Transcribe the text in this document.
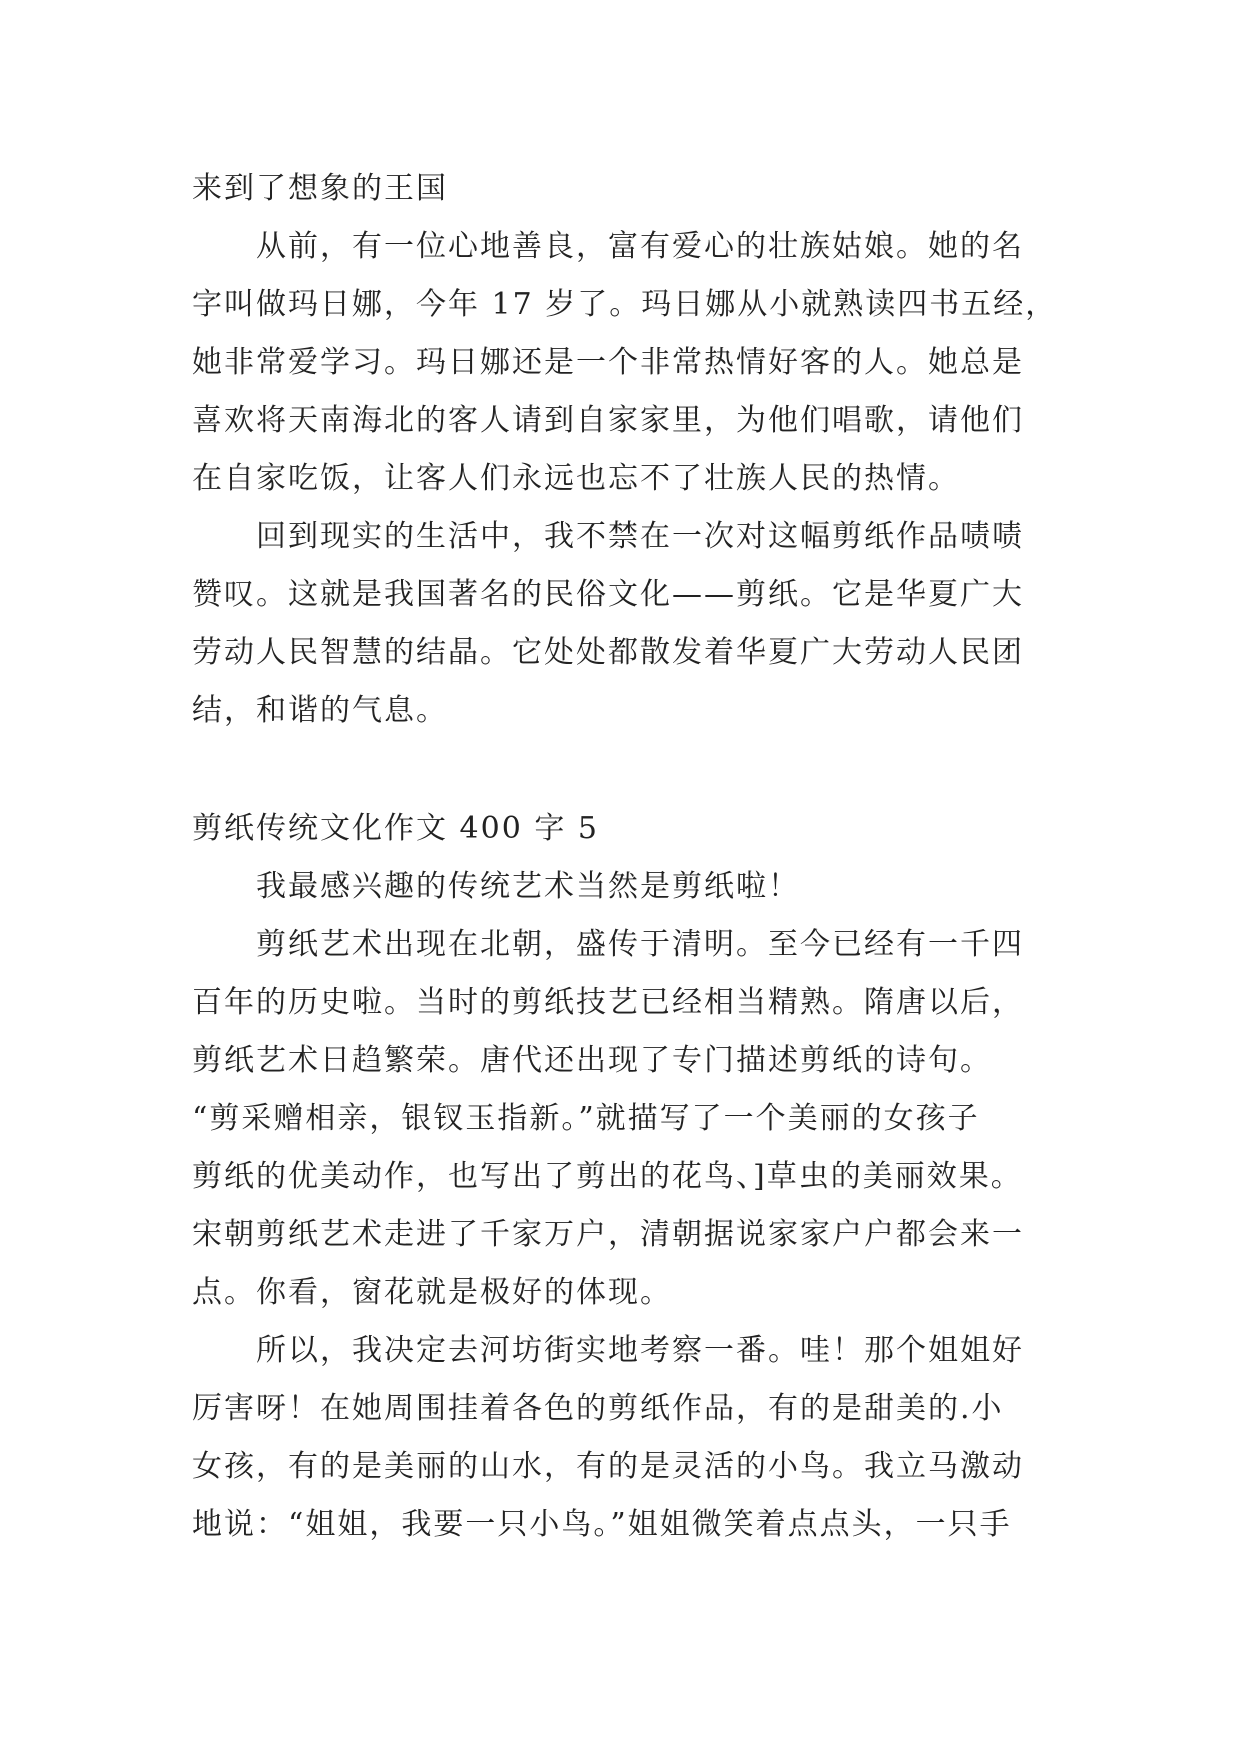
来到了想象的王国
从前，有一位心地善良，富有爱心的壮族姑娘。她的名
字叫做玛日娜，今年 17 岁了。玛日娜从小就熟读四书五经，
她非常爱学习。玛日娜还是一个非常热情好客的人。她总是
喜欢将天南海北的客人请到自家家里，为他们唱歌，请他们
在自家吃饭，让客人们永远也忘不了壮族人民的热情。
回到现实的生活中，我不禁在一次对这幅剪纸作品啧啧
赞叹。这就是我国著名的民俗文化——剪纸。它是华夏广大
劳动人民智慧的结晶。它处处都散发着华夏广大劳动人民团
结，和谐的气息。
剪纸传统文化作文 400 字 5
我最感兴趣的传统艺术当然是剪纸啦！
剪纸艺术出现在北朝，盛传于清明。至今已经有一千四
百年的历史啦。当时的剪纸技艺已经相当精熟。隋唐以后，
剪纸艺术日趋繁荣。唐代还出现了专门描述剪纸的诗句。
“剪采赠相亲，银钗玉指新。”就描写了一个美丽的女孩子
剪纸的优美动作，也写出了剪出的花鸟、]草虫的美丽效果。
宋朝剪纸艺术走进了千家万户，清朝据说家家户户都会来一
点。你看，窗花就是极好的体现。
所以，我决定去河坊街实地考察一番。哇！那个姐姐好
厉害呀！在她周围挂着各色的剪纸作品，有的是甜美的.小
女孩，有的是美丽的山水，有的是灵活的小鸟。我立马激动
地说：“姐姐，我要一只小鸟。”姐姐微笑着点点头，一只手
